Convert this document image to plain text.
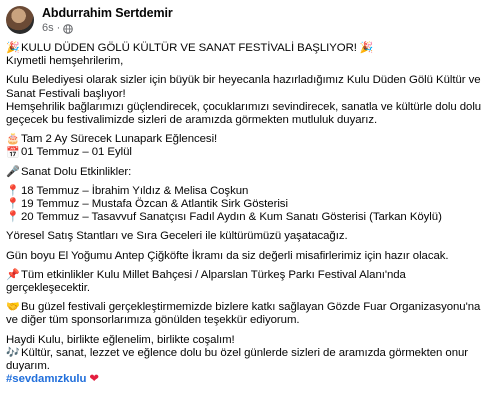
Abdurrahim Sertdemir
6s ·
🎉 KULU DÜDEN GÖLÜ KÜLTÜR VE SANAT FESTİVALİ BAŞLIYOR! 🎉
Kıymetli hemşehrilerim,
Kulu Belediyesi olarak sizler için büyük bir heyecanla hazırladığımız Kulu Düden Gölü Kültür ve Sanat Festivali başlıyor!
Hemşehrilik bağlarımızı güçlendirecek, çocuklarımızı sevindirecek, sanatla ve kültürle dolu dolu geçecek bu festivalimizde sizleri de aramızda görmekten mutluluk duyarız.
🎂 Tam 2 Ay Sürecek Lunapark Eğlencesi!
📅 01 Temmuz – 01 Eylül
🎤 Sanat Dolu Etkinlikler:
📍 18 Temmuz – İbrahim Yıldız & Melisa Coşkun
📍 19 Temmuz – Mustafa Özcan & Atlantik Sirk Gösterisi
📍 20 Temmuz – Tasavvuf Sanatçısı Fadıl Aydın & Kum Sanatı Gösterisi (Tarkan Köylü)
Yöresel Satış Stantları ve Sıra Geceleri ile kültürümüzü yaşatacağız.
Gün boyu El Yoğumu Antep Çiğköfte İkramı da siz değerli misafirlerimiz için hazır olacak.
📌Tüm etkinlikler Kulu Millet Bahçesi / Alparslan Türkeş Parkı Festival Alanı'nda gerçekleşecektir.
🤝Bu güzel festivali gerçekleştirmemizde bizlere katkı sağlayan Gözde Fuar Organizasyonu'na ve diğer tüm sponsorlarımıza gönülden teşekkür ediyorum.
Haydi Kulu, birlikte eğlenelim, birlikte coşalım!
🎶Kültür, sanat, lezzet ve eğlence dolu bu özel günlerde sizleri de aramızda görmekten onur duyarım.
#sevdamızkulu ❤
